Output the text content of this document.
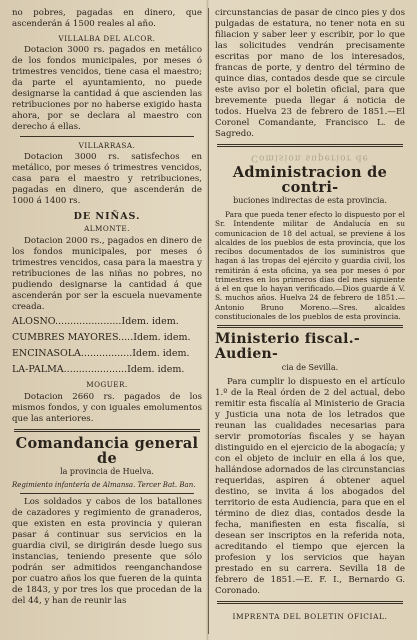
no pobres, pagadas en dinero, que ascenderán á 1500 reales al año.

VILLALBA DEL ALCOR.

Dotacion 3000 rs. pagados en metálico de los fondos municipales, por meses ó trimestres vencidos, tiene casa el maestro; da parte el ayuntamiento, no puede designarse la cantidad á que ascienden las retribuciones por no haberse exigido hasta ahora, por se declara al maestro con derecho á ellas.

VILLARRASA.

Dotacion 3000 rs. satisfechos en metálico, por meses ó trimestres vencidos, casa para el maestro y retribuciones, pagadas en dinero, que ascenderán de 1000 á 1400 rs.

DE NIÑAS.
ALMONTE.

Dotacion 2000 rs., pagados en dinero de los fondos municipales, por meses ó trimestres vencidos, casa para la maestra y retribuciones de las niñas no pobres, no pudiendo designarse la cantidad á que ascenderán por ser la escuela nuevamente creada.

ALOSNO......................Idem. idem.

CUMBRES MAYORES.....Idem. idem.

ENCINASOLA.................Idem. idem.

LA-PALMA.....................Idem. idem.

MOGUER.

Dotacion 2660 rs. pagados de los mismos fondos, y con iguales emolumentos que las anteriores.

Comandancia general de
la provincia de Huelva.
Regimiento infantería de Almansa. Tercer Bat. Ban.

Los soldados y cabos de los batallones de cazadores y regimiento de granaderos, que existen en esta provincia y quieran pasar á continuar sus servicios en la guardia civil, se dirigirán desde luego sus instancias, teniendo presente que sólo podrán ser admitidos reenganchandose por cuatro años los que fueren de la quinta de 1843, y por tres los que procedan de la del 44, y han de reunir las

circunstancias de pasar de cinco pies y dos pulgadas de estatura, no tener nota en su filiacion y saber leer y escribir, por lo que las solicitudes vendrán precisamente escritas por mano de los interesados, francas de porte, y dentro del término de quince dias, contados desde que se circule este aviso por el boletin oficial, para que brevemente pueda llegar á noticia de todos. Huelva 23 de febrero de 1851.—El Coronel Comandante, Francisco L. de Sagredo.

Comision superior de
Administracion de contri-
buciones indirectas de esta provincia.

Para que pueda tener efecto lo dispuesto por el Sr. Intendente militar de Andalucía en su comunicacion de 18 del actual, se previene á los alcaldes de los pueblos de esta provincia, que los recibos documentados de los suministros que hagan á las tropas del ejército y guardia civil, los remitirán á esta oficina, ya sea por meses ó por trimestres en los primeros dias del mes siguiente á el en que lo hayan verificado.—Dios guarde á V. S. muchos años. Huelva 24 de febrero de 1851.—Antonio Bruno Moreno.—Sres. alcaldes constitucionales de los pueblos de esta provincia.

Ministerio fiscal.-Audien-
cia de Sevilla.

Para cumplir lo dispuesto en el artículo 1.º de la Real órden de 2 del actual, debo remitir esta fiscalía al Ministerio de Gracia y Justicia una nota de los letrados que reunan las cualidades necesarias para servir promotorías fiscales y se hayan distinguido en el ejercicio de la abogacía; y con el objeto de incluir en ella á los que, hallándose adornados de las circunstancias requeridas, aspiren á obtener aquel destino, se invita á los abogados del territorio de esta Audiencia, para que en el término de diez dias, contados desde la fecha, manifiesten en esta fiscalía, si desean ser inscriptos en la referida nota, acreditando el tiempo que ejercen la profesion y los servicios que hayan prestado en su carrera. Sevilla 18 de febrero de 1851.—E. F. I., Bernardo G. Coronado.

IMPRENTA DEL BOLETIN OFICIAL.
